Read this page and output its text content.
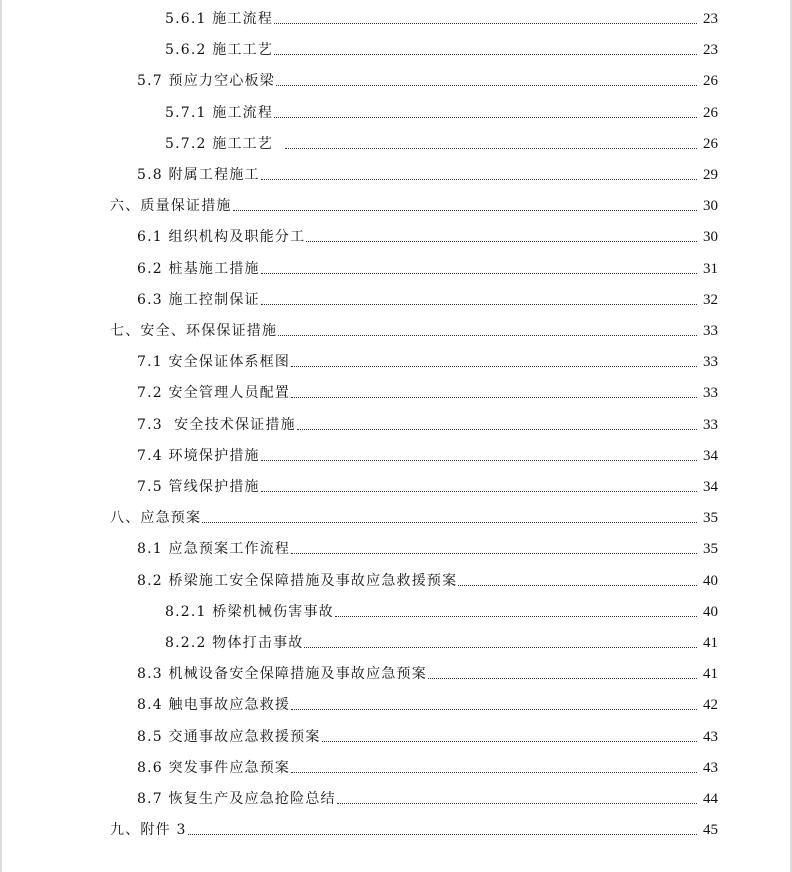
5.6.1 施工流程	23
5.6.2 施工工艺	23
5.7 预应力空心板梁	26
5.7.1 施工流程	26
5.7.2 施工工艺	26
5.8 附属工程施工	29
六、质量保证措施	30
6.1 组织机构及职能分工	30
6.2 桩基施工措施	31
6.3 施工控制保证	32
七、安全、环保保证措施	33
7.1 安全保证体系框图	33
7.2 安全管理人员配置	33
7.3  安全技术保证措施	33
7.4 环境保护措施	34
7.5 管线保护措施	34
八、应急预案	35
8.1 应急预案工作流程	35
8.2 桥梁施工安全保障措施及事故应急救援预案	40
8.2.1 桥梁机械伤害事故	40
8.2.2 物体打击事故	41
8.3 机械设备安全保障措施及事故应急预案	41
8.4 触电事故应急救援	42
8.5 交通事故应急救援预案	43
8.6 突发事件应急预案	43
8.7 恢复生产及应急抢险总结	44
九、附件 3	45
